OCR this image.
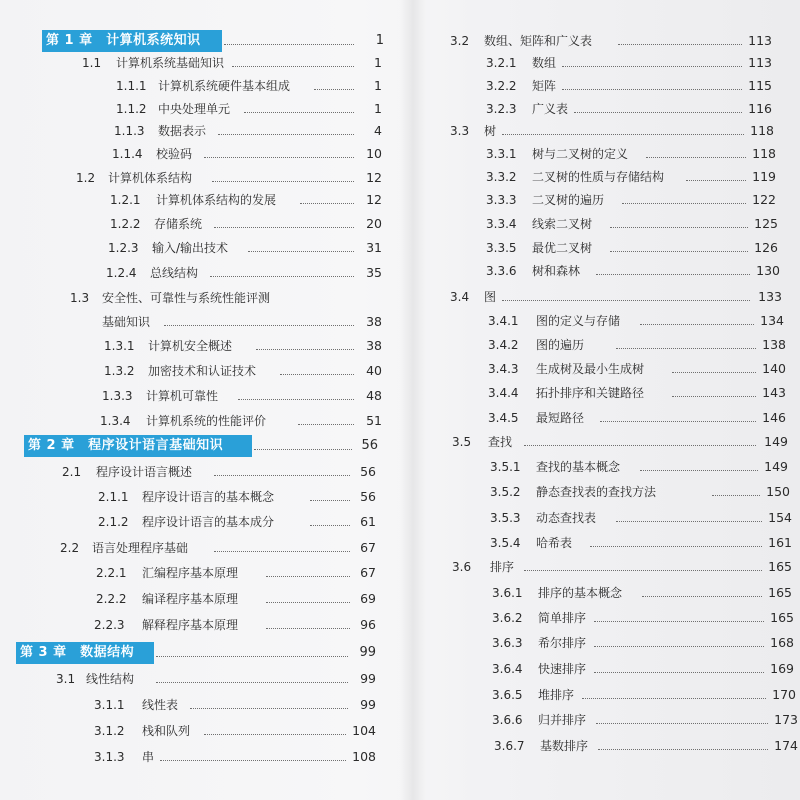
第 1 章　计算机系统知识	1
1.1 计算机系统基础知识	1
1.1.1 计算机系统硬件基本组成	1
1.1.2 中央处理单元	1
1.1.3 数据表示	4
1.1.4 校验码	10
1.2 计算机体系结构	12
1.2.1 计算机体系结构的发展	12
1.2.2 存储系统	20
1.2.3 输入/输出技术	31
1.2.4 总线结构	35
1.3 安全性、可靠性与系统性能评测
基础知识	38
1.3.1 计算机安全概述	38
1.3.2 加密技术和认证技术	40
1.3.3 计算机可靠性	48
1.3.4 计算机系统的性能评价	51
第 2 章　程序设计语言基础知识	56
2.1 程序设计语言概述	56
2.1.1 程序设计语言的基本概念	56
2.1.2 程序设计语言的基本成分	61
2.2 语言处理程序基础	67
2.2.1 汇编程序基本原理	67
2.2.2 编译程序基本原理	69
2.2.3 解释程序基本原理	96
第 3 章　数据结构	99
3.1 线性结构	99
3.1.1 线性表	99
3.1.2 栈和队列	104
3.1.3 串	108
3.2 数组、矩阵和广义表	113
3.2.1 数组	113
3.2.2 矩阵	115
3.2.3 广义表	116
3.3 树	118
3.3.1 树与二叉树的定义	118
3.3.2 二叉树的性质与存储结构	119
3.3.3 二叉树的遍历	122
3.3.4 线索二叉树	125
3.3.5 最优二叉树	126
3.3.6 树和森林	130
3.4 图	133
3.4.1 图的定义与存储	134
3.4.2 图的遍历	138
3.4.3 生成树及最小生成树	140
3.4.4 拓扑排序和关键路径	143
3.4.5 最短路径	146
3.5 查找	149
3.5.1 查找的基本概念	149
3.5.2 静态查找表的查找方法	150
3.5.3 动态查找表	154
3.5.4 哈希表	161
3.6 排序	165
3.6.1 排序的基本概念	165
3.6.2 简单排序	165
3.6.3 希尔排序	168
3.6.4 快速排序	169
3.6.5 堆排序	170
3.6.6 归并排序	173
3.6.7 基数排序	174
